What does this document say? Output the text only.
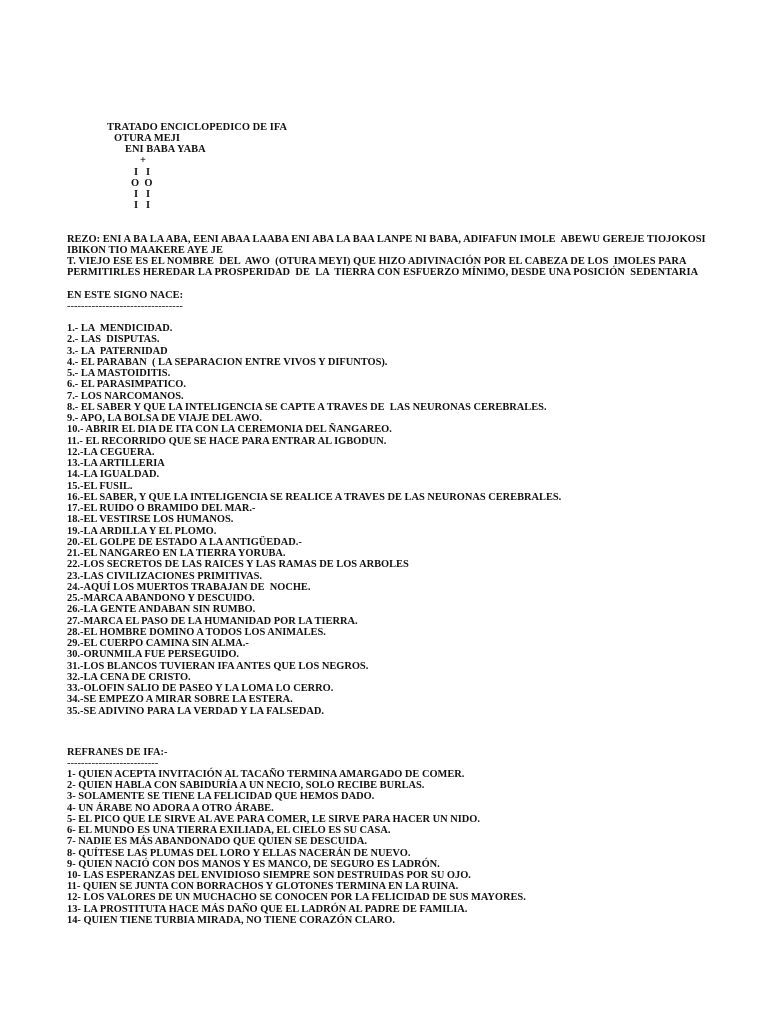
TRATADO ENCICLOPEDICO DE IFA
OTURA MEJI
ENI BABA YABA
+
I   I
O  O
I   I
I   I
REZO: ENI A BA LA ABA, EENI ABAA LAABA ENI ABA LA BAA LANPE NI BABA, ADIFAFUN IMOLE  ABEWU GEREJE TIOJOKOSI
IBIKON TIO MAAKERE AYE JE
T. VIEJO ESE ES EL NOMBRE  DEL  AWO  (OTURA MEYI) QUE HIZO ADIVINACIÓN POR EL CABEZA DE LOS  IMOLES PARA
PERMITIRLES HEREDAR LA PROSPERIDAD  DE  LA  TIERRA CON ESFUERZO MÍNIMO, DESDE UNA POSICIÓN  SEDENTARIA
EN ESTE SIGNO NACE:
---------------------------------
1.- LA  MENDICIDAD.
2.- LAS  DISPUTAS.
3.- LA  PATERNIDAD
4.- EL PARABAN  ( LA SEPARACION ENTRE VIVOS Y DIFUNTOS).
5.- LA MASTOIDITIS.
6.- EL PARASIMPATICO.
7.- LOS NARCOMANOS.
8.- EL SABER Y QUE LA INTELIGENCIA SE CAPTE A TRAVES DE  LAS NEURONAS CEREBRALES.
9.- APO, LA BOLSA DE VIAJE DEL AWO.
10.- ABRIR EL DIA DE ITA CON LA CEREMONIA DEL ÑANGAREO.
11.- EL RECORRIDO QUE SE HACE PARA ENTRAR AL IGBODUN.
12.-LA CEGUERA.
13.-LA ARTILLERIA
14.-LA IGUALDAD.
15.-EL FUSIL.
16.-EL SABER, Y QUE LA INTELIGENCIA SE REALICE A TRAVES DE LAS NEURONAS CEREBRALES.
17.-EL RUIDO O BRAMIDO DEL MAR.-
18.-EL VESTIRSE LOS HUMANOS.
19.-LA ARDILLA Y EL PLOMO.
20.-EL GOLPE DE ESTADO A LA ANTIGÜEDAD.-
21.-EL NANGAREO EN LA TIERRA YORUBA.
22.-LOS SECRETOS DE LAS RAICES Y LAS RAMAS DE LOS ARBOLES
23.-LAS CIVILIZACIONES PRIMITIVAS.
24.-AQUÍ LOS MUERTOS TRABAJAN DE  NOCHE.
25.-MARCA ABANDONO Y DESCUIDO.
26.-LA GENTE ANDABAN SIN RUMBO.
27.-MARCA EL PASO DE LA HUMANIDAD POR LA TIERRA.
28.-EL HOMBRE DOMINO A TODOS LOS ANIMALES.
29.-EL CUERPO CAMINA SIN ALMA.-
30.-ORUNMILA FUE PERSEGUIDO.
31.-LOS BLANCOS TUVIERAN IFA ANTES QUE LOS NEGROS.
32.-LA CENA DE CRISTO.
33.-OLOFIN SALIO DE PASEO Y LA LOMA LO CERRO.
34.-SE EMPEZO A MIRAR SOBRE LA ESTERA.
35.-SE ADIVINO PARA LA VERDAD Y LA FALSEDAD.
REFRANES DE IFA:-
--------------------------
1- QUIEN ACEPTA INVITACIÓN AL TACAÑO TERMINA AMARGADO DE COMER.
2- QUIEN HABLA CON SABIDURÍA A UN NECIO, SOLO RECIBE BURLAS.
3- SOLAMENTE SE TIENE LA FELICIDAD QUE HEMOS DADO.
4- UN ÁRABE NO ADORA A OTRO ÁRABE.
5- EL PICO QUE LE SIRVE AL AVE PARA COMER, LE SIRVE PARA HACER UN NIDO.
6- EL MUNDO ES UNA TIERRA EXILIADA, EL CIELO ES SU CASA.
7- NADIE ES MÁS ABANDONADO QUE QUIEN SE DESCUIDA.
8- QUÍTESE LAS PLUMAS DEL LORO Y ELLAS NACERÁN DE NUEVO.
9- QUIEN NACIÓ CON DOS MANOS Y ES MANCO, DE SEGURO ES LADRÓN.
10- LAS ESPERANZAS DEL ENVIDIOSO SIEMPRE SON DESTRUIDAS POR SU OJO.
11- QUIEN SE JUNTA CON BORRACHOS Y GLOTONES TERMINA EN LA RUINA.
12- LOS VALORES DE UN MUCHACHO SE CONOCEN POR LA FELICIDAD DE SUS MAYORES.
13- LA PROSTITUTA HACE MÁS DAÑO QUE EL LADRÓN AL PADRE DE FAMILIA.
14- QUIEN TIENE TURBIA MIRADA, NO TIENE CORAZÓN CLARO.
